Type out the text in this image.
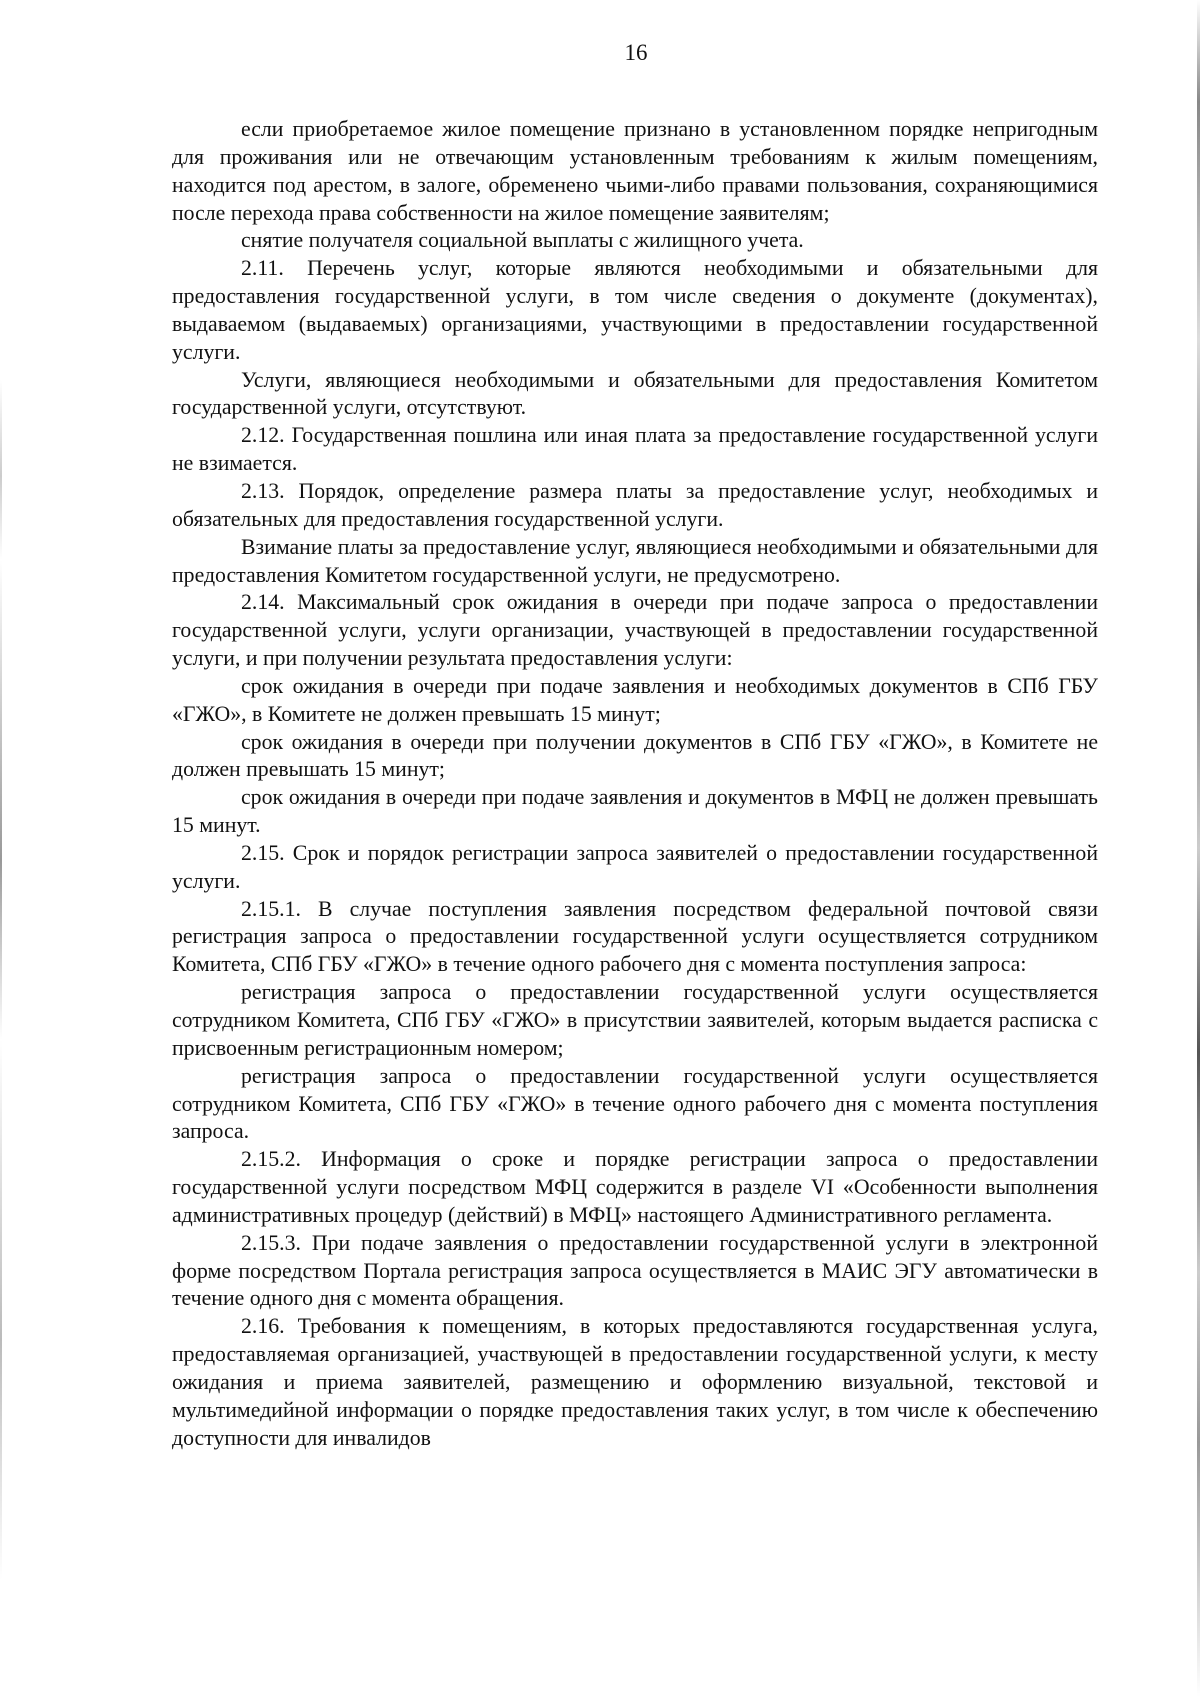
16

если приобретаемое жилое помещение признано в установленном порядке непригодным для проживания или не отвечающим установленным требованиям к жилым помещениям, находится под арестом, в залоге, обременено чьими-либо правами пользования, сохраняющимися после перехода права собственности на жилое помещение заявителям;

снятие получателя социальной выплаты с жилищного учета.

2.11. Перечень услуг, которые являются необходимыми и обязательными для предоставления государственной услуги, в том числе сведения о документе (документах), выдаваемом (выдаваемых) организациями, участвующими в предоставлении государственной услуги.

Услуги, являющиеся необходимыми и обязательными для предоставления Комитетом государственной услуги, отсутствуют.

2.12. Государственная пошлина или иная плата за предоставление государственной услуги не взимается.

2.13. Порядок, определение размера платы за предоставление услуг, необходимых и обязательных для предоставления государственной услуги.

Взимание платы за предоставление услуг, являющиеся необходимыми и обязательными для предоставления Комитетом государственной услуги, не предусмотрено.

2.14. Максимальный срок ожидания в очереди при подаче запроса о предоставлении государственной услуги, услуги организации, участвующей в предоставлении государственной услуги, и при получении результата предоставления услуги:

срок ожидания в очереди при подаче заявления и необходимых документов в СПб ГБУ «ГЖО», в Комитете не должен превышать 15 минут;

срок ожидания в очереди при получении документов в СПб ГБУ «ГЖО», в Комитете не должен превышать 15 минут;

срок ожидания в очереди при подаче заявления и документов в МФЦ не должен превышать 15 минут.

2.15. Срок и порядок регистрации запроса заявителей о предоставлении государственной услуги.

2.15.1. В случае поступления заявления посредством федеральной почтовой связи регистрация запроса о предоставлении государственной услуги осуществляется сотрудником Комитета, СПб ГБУ «ГЖО» в течение одного рабочего дня с момента поступления запроса:

регистрация запроса о предоставлении государственной услуги осуществляется сотрудником Комитета, СПб ГБУ «ГЖО» в присутствии заявителей, которым выдается расписка с присвоенным регистрационным номером;

регистрация запроса о предоставлении государственной услуги осуществляется сотрудником Комитета, СПб ГБУ «ГЖО» в течение одного рабочего дня с момента поступления запроса.

2.15.2. Информация о сроке и порядке регистрации запроса о предоставлении государственной услуги посредством МФЦ содержится в разделе VI «Особенности выполнения административных процедур (действий) в МФЦ» настоящего Административного регламента.

2.15.3. При подаче заявления о предоставлении государственной услуги в электронной форме посредством Портала регистрация запроса осуществляется в МАИС ЭГУ автоматически в течение одного дня с момента обращения.

2.16. Требования к помещениям, в которых предоставляются государственная услуга, предоставляемая организацией, участвующей в предоставлении государственной услуги, к месту ожидания и приема заявителей, размещению и оформлению визуальной, текстовой и мультимедийной информации о порядке предоставления таких услуг, в том числе к обеспечению доступности для инвалидов
